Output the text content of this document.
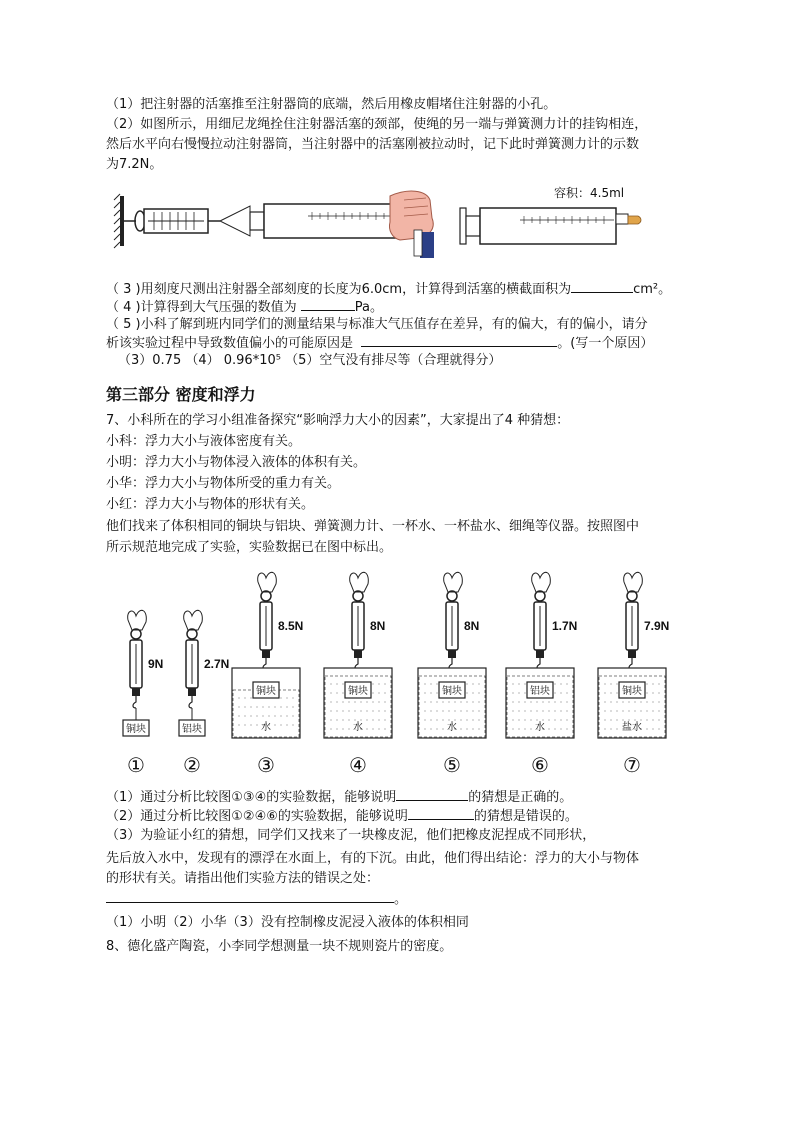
（1）把注射器的活塞推至注射器筒的底端，然后用橡皮帽堵住注射器的小孔。
（2）如图所示，用细尼龙绳拴住注射器活塞的颈部，使绳的另一端与弹簧测力计的挂钩相连，
然后水平向右慢慢拉动注射器筒，当注射器中的活塞刚被拉动时，记下此时弹簧测力计的示数
为7.2N。
容积：4.5ml
（ 3 )用刻度尺测出注射器全部刻度的长度为6.0cm，计算得到活塞的横截面积为	cm²。
（ 4 )计算得到大气压强的数值为	Pa。
（ 5 )小科了解到班内同学们的测量结果与标准大气压值存在差异，有的偏大，有的偏小，请分
析该实验过程中导致数值偏小的可能原因是	。(写一个原因）
（3）0.75 （4） 0.96*10⁵ （5）空气没有排尽等（合理就得分）
第三部分 密度和浮力
7、小科所在的学习小组准备探究“影响浮力大小的因素”，大家提出了4 种猜想：
小科：浮力大小与液体密度有关。
小明：浮力大小与物体浸入液体的体积有关。
小华：浮力大小与物体所受的重力有关。
小红：浮力大小与物体的形状有关。
他们找来了体积相同的铜块与铝块、弹簧测力计、一杯水、一杯盐水、细绳等仪器。按照图中
所示规范地完成了实验，实验数据已在图中标出。
9N
铜块
①
2.7N
铝块
②
8.5N
水
铜块
③
8N
水
铜块
④
8N
水
铜块
⑤
1.7N
水
铝块
⑥
7.9N
盐水
铜块
⑦
（1）通过分析比较图①③④的实验数据，能够说明	的猜想是正确的。
（2）通过分析比较图①②④⑥的实验数据，能够说明	的猜想是错误的。
（3）为验证小红的猜想，同学们又找来了一块橡皮泥，他们把橡皮泥捏成不同形状，
先后放入水中，发现有的漂浮在水面上，有的下沉。由此，他们得出结论：浮力的大小与物体
的形状有关。请指出他们实验方法的错误之处：
。
（1）小明（2）小华（3）没有控制橡皮泥浸入液体的体积相同
8、德化盛产陶瓷，小李同学想测量一块不规则瓷片的密度。
